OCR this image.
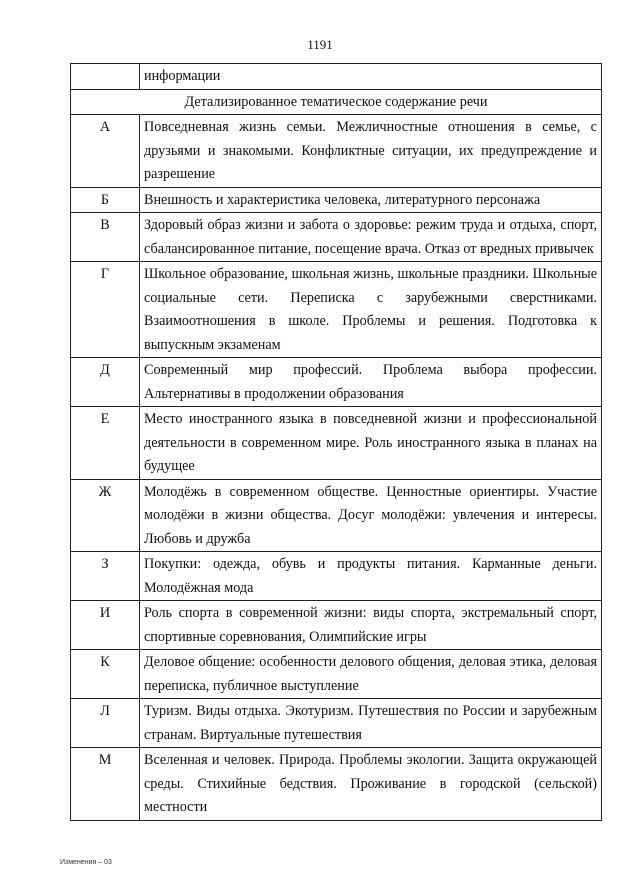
1191
	информации
Детализированное тематическое содержание речи	
А	Повседневная жизнь семьи. Межличностные отношения в семье, с друзьями и знакомыми. Конфликтные ситуации, их предупреждение и разрешение
Б	Внешность и характеристика человека, литературного персонажа
В	Здоровый образ жизни и забота о здоровье: режим труда и отдыха, спорт, сбалансированное питание, посещение врача. Отказ от вредных привычек
Г	Школьное образование, школьная жизнь, школьные праздники. Школьные социальные сети. Переписка с зарубежными сверстниками. Взаимоотношения в школе. Проблемы и решения. Подготовка к выпускным экзаменам
Д	Современный мир профессий. Проблема выбора профессии. Альтернативы в продолжении образования
Е	Место иностранного языка в повседневной жизни и профессиональной деятельности в современном мире. Роль иностранного языка в планах на будущее
Ж	Молодёжь в современном обществе. Ценностные ориентиры. Участие молодёжи в жизни общества. Досуг молодёжи: увлечения и интересы. Любовь и дружба
З	Покупки: одежда, обувь и продукты питания. Карманные деньги. Молодёжная мода
И	Роль спорта в современной жизни: виды спорта, экстремальный спорт, спортивные соревнования, Олимпийские игры
К	Деловое общение: особенности делового общения, деловая этика, деловая переписка, публичное выступление
Л	Туризм. Виды отдыха. Экотуризм. Путешествия по России и зарубежным странам. Виртуальные путешествия
М	Вселенная и человек. Природа. Проблемы экологии. Защита окружающей среды. Стихийные бедствия. Проживание в городской (сельской) местности
Изменения – 03
